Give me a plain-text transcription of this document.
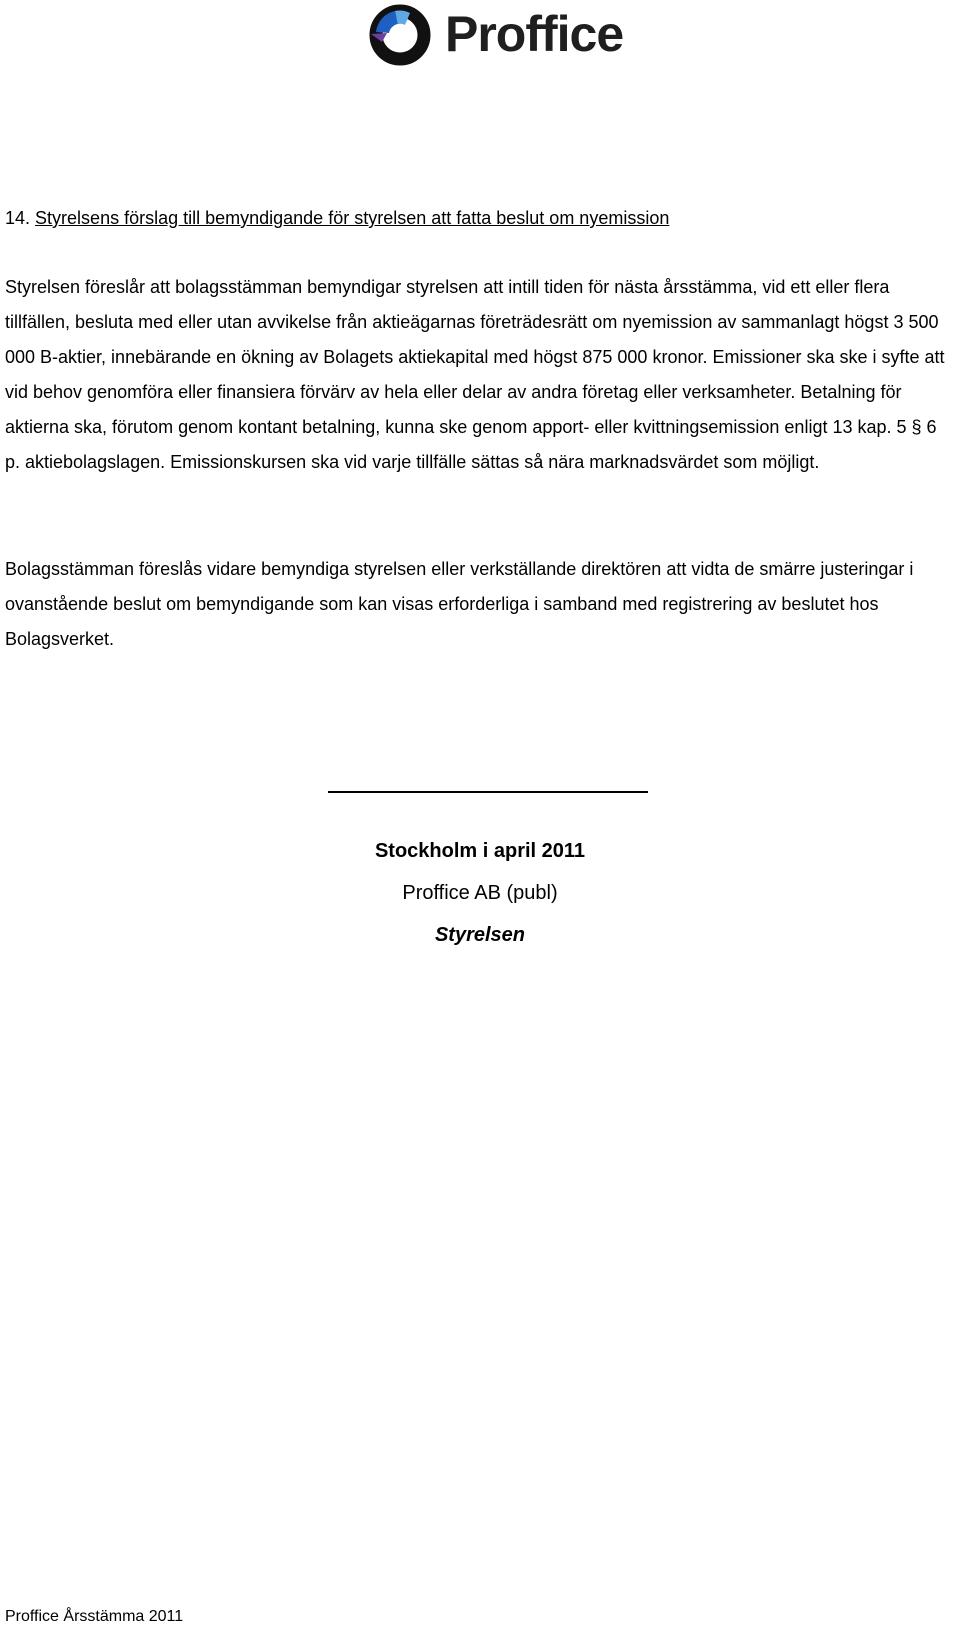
Proffice
14. Styrelsens förslag till bemyndigande för styrelsen att fatta beslut om nyemission

Styrelsen föreslår att bolagsstämman bemyndigar styrelsen att intill tiden för nästa årsstämma, vid ett eller flera tillfällen, besluta med eller utan avvikelse från aktieägarnas företrädesrätt om nyemission av sammanlagt högst 3 500 000 B-aktier, innebärande en ökning av Bolagets aktiekapital med högst 875 000 kronor. Emissioner ska ske i syfte att vid behov genomföra eller finansiera förvärv av hela eller delar av andra företag eller verksamheter. Betalning för aktierna ska, förutom genom kontant betalning, kunna ske genom apport- eller kvittningsemission enligt 13 kap. 5 § 6 p. aktiebolagslagen. Emissionskursen ska vid varje tillfälle sättas så nära marknadsvärdet som möjligt.

Bolagsstämman föreslås vidare bemyndiga styrelsen eller verkställande direktören att vidta de smärre justeringar i ovanstående beslut om bemyndigande som kan visas erforderliga i samband med registrering av beslutet hos Bolagsverket.

Stockholm i april 2011
Proffice AB (publ)
Styrelsen
Proffice Årsstämma 2011
